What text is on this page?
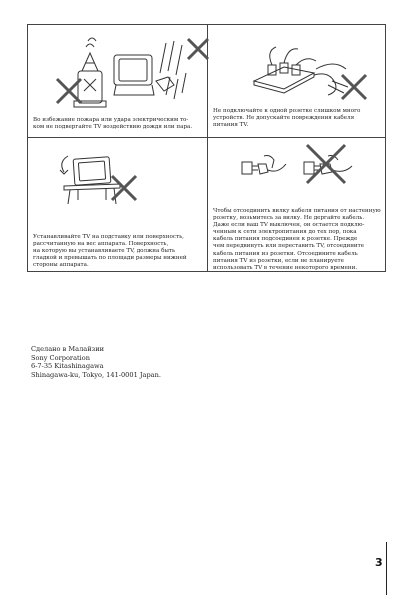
Во избежание пожара или удара электрическим то-
ком не подвергайте TV воздействию дождя или пара.
Не подключайте к одной розетке слишком много
устройств. Не допускайте повреждения кабеля
питания TV.
Устанавливайте TV на подставку или поверхность,
рассчитанную на вес аппарата. Поверхность,
на которую вы устанавливаете TV, должна быть
гладкой и превышать по площади размеры нижней
стороны аппарата.
Чтобы отсоединить вилку кабеля питания от настенную
розетку, возьмитесь за вилку. Не дергайте кабель.
Даже если ваш TV выключен, он остается подклю-
ченным к сети электропитания до тех пор, пока
кабель питания подсоединен к розетке. Прежде
чем передвинуть или переставить TV, отсоедините
кабель питания из розетки. Отсоедините кабель
питания TV из розетки, если не планируете
использовать TV в течение некоторого времени.
Сделано в Малайзии
Sony Corporation
6-7-35 Kitashinagawa
Shinagawa-ku, Tokyo, 141-0001 Japan.
3
